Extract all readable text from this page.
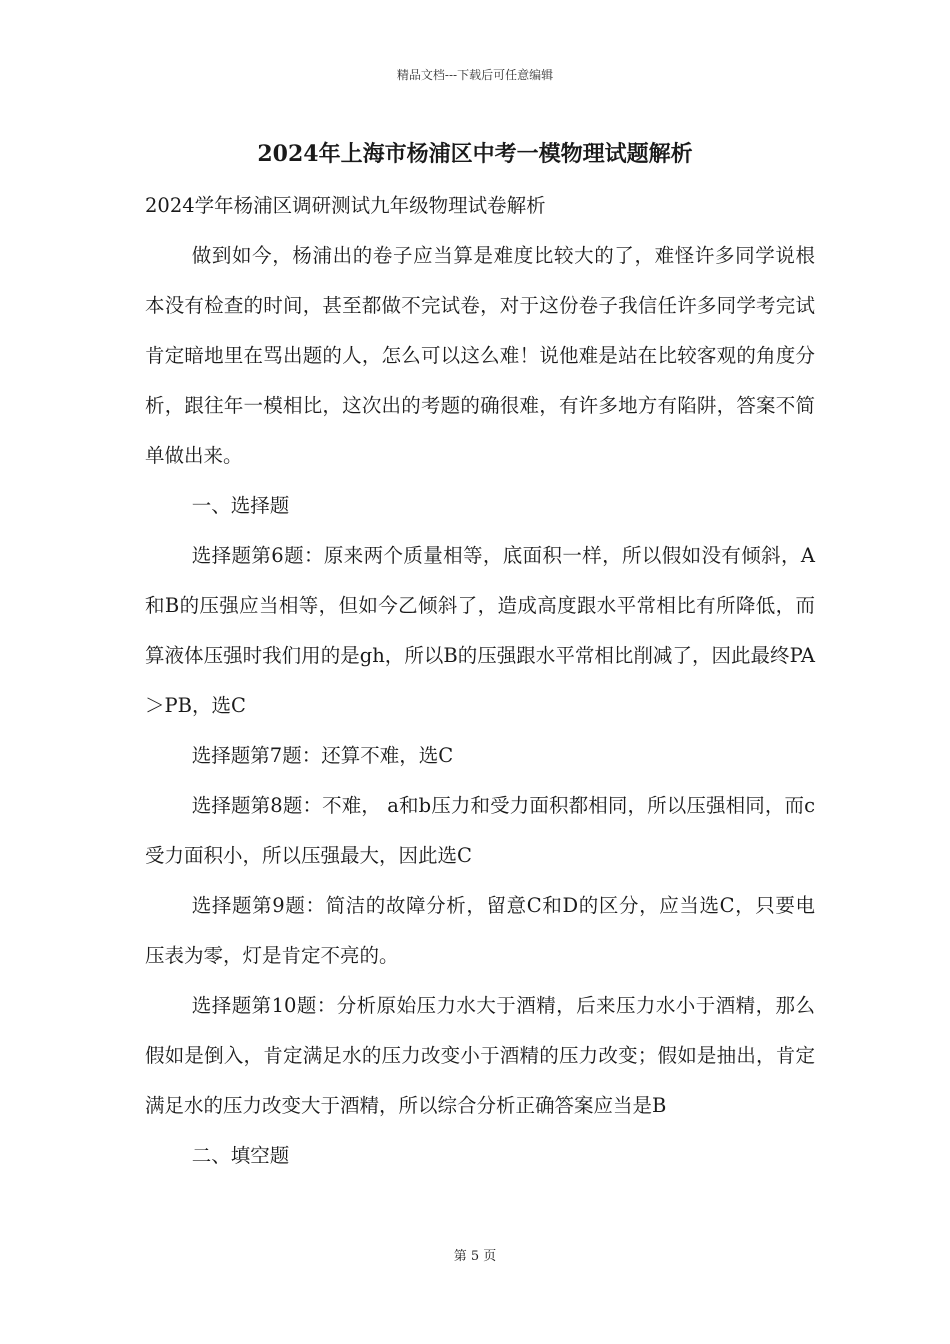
精品文档---下载后可任意编辑
2024年上海市杨浦区中考一模物理试题解析

2024学年杨浦区调研测试九年级物理试卷解析

做到如今，杨浦出的卷子应当算是难度比较大的了，难怪许多同学说根本没有检查的时间，甚至都做不完试卷，对于这份卷子我信任许多同学考完试肯定暗地里在骂出题的人，怎么可以这么难！说他难是站在比较客观的角度分析，跟往年一模相比，这次出的考题的确很难，有许多地方有陷阱，答案不简单做出来。

一、选择题

选择题第6题：原来两个质量相等，底面积一样，所以假如没有倾斜，A和B的压强应当相等，但如今乙倾斜了，造成高度跟水平常相比有所降低，而算液体压强时我们用的是gh，所以B的压强跟水平常相比削减了，因此最终PA＞PB，选C

选择题第7题：还算不难，选C

选择题第8题：不难， a和b压力和受力面积都相同，所以压强相同，而c受力面积小，所以压强最大，因此选C

选择题第9题：简洁的故障分析，留意C和D的区分，应当选C，只要电压表为零，灯是肯定不亮的。

选择题第10题：分析原始压力水大于酒精，后来压力水小于酒精，那么假如是倒入，肯定满足水的压力改变小于酒精的压力改变；假如是抽出，肯定满足水的压力改变大于酒精，所以综合分析正确答案应当是B

二、填空题

第 5 页
